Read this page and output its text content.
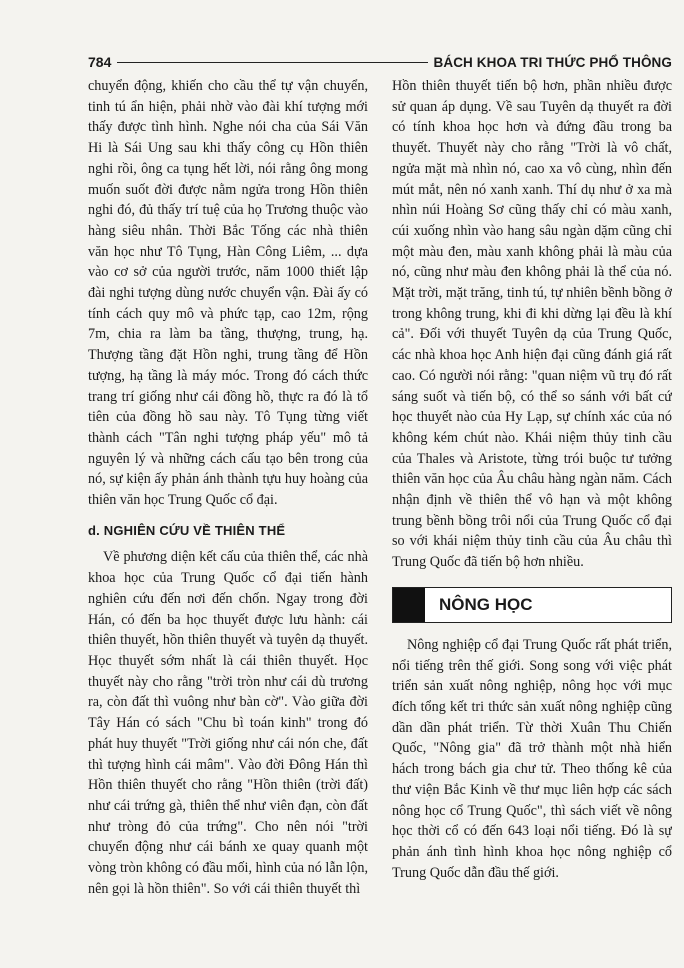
784	BÁCH KHOA TRI THỨC PHỔ THÔNG

chuyển động, khiến cho cầu thể tự vận chuyển, tinh tú ẩn hiện, phải nhờ vào đài khí tượng mới thấy được tình hình. Nghe nói cha của Sái Văn Hi là Sái Ung sau khi thấy công cụ Hồn thiên nghi rồi, ông ca tụng hết lời, nói rằng ông mong muốn suốt đời được nằm ngửa trong Hồn thiên nghi đó, đủ thấy trí tuệ của họ Trương thuộc vào hàng siêu nhân. Thời Bắc Tống các nhà thiên văn học như Tô Tụng, Hàn Công Liêm, ... dựa vào cơ sở của người trước, năm 1000 thiết lập đài nghi tượng dùng nước chuyển vận. Đài ấy có tính cách quy mô và phức tạp, cao 12m, rộng 7m, chia ra làm ba tầng, thượng, trung, hạ. Thượng tầng đặt Hồn nghi, trung tầng để Hồn tượng, hạ tầng là máy móc. Trong đó cách thức trang trí giống như cái đồng hồ, thực ra đó là tổ tiên của đồng hồ sau này. Tô Tụng từng viết thành cách "Tân nghi tượng pháp yếu" mô tả nguyên lý và những cách cấu tạo bên trong của nó, sự kiện ấy phản ánh thành tựu huy hoàng của thiên văn học Trung Quốc cổ đại.

d. NGHIÊN CỨU VỀ THIÊN THỂ

Về phương diện kết cấu của thiên thể, các nhà khoa học của Trung Quốc cổ đại tiến hành nghiên cứu đến nơi đến chốn. Ngay trong đời Hán, có đến ba học thuyết được lưu hành: cái thiên thuyết, hồn thiên thuyết và tuyên dạ thuyết. Học thuyết sớm nhất là cái thiên thuyết. Học thuyết này cho rằng "trời tròn như cái dù trương ra, còn đất thì vuông như bàn cờ". Vào giữa đời Tây Hán có sách "Chu bì toán kinh" trong đó phát huy thuyết "Trời giống như cái nón che, đất thì tượng hình cái mâm". Vào đời Đông Hán thì Hồn thiên thuyết cho rằng "Hồn thiên (trời đất) như cái trứng gà, thiên thể như viên đạn, còn đất như tròng đỏ của trứng". Cho nên nói "trời chuyển động như cái bánh xe quay quanh một vòng tròn không có đầu mối, hình của nó lẫn lộn, nên gọi là hồn thiên". So với cái thiên thuyết thì

Hồn thiên thuyết tiến bộ hơn, phần nhiều được sử quan áp dụng. Về sau Tuyên dạ thuyết ra đời có tính khoa học hơn và đứng đầu trong ba thuyết. Thuyết này cho rằng "Trời là vô chất, ngửa mặt mà nhìn nó, cao xa vô cùng, nhìn đến mút mắt, nên nó xanh xanh. Thí dụ như ở xa mà nhìn núi Hoàng Sơ cũng thấy chỉ có màu xanh, cúi xuống nhìn vào hang sâu ngàn dặm cũng chỉ một màu đen, màu xanh không phải là màu của nó, cũng như màu đen không phải là thể của nó. Mặt trời, mặt trăng, tinh tú, tự nhiên bềnh bồng ở trong không trung, khi đi khi dừng lại đều là khí cả". Đối với thuyết Tuyên dạ của Trung Quốc, các nhà khoa học Anh hiện đại cũng đánh giá rất cao. Có người nói rằng: "quan niệm vũ trụ đó rất sáng suốt và tiến bộ, có thể so sánh với bất cứ học thuyết nào của Hy Lạp, sự chính xác của nó không kém chút nào. Khái niệm thủy tinh cầu của Thales và Aristote, từng trói buộc tư tưởng thiên văn học của Âu châu hàng ngàn năm. Cách nhận định về thiên thể vô hạn và một không trung bềnh bồng trôi nổi của Trung Quốc cổ đại so với khái niệm thủy tinh cầu của Âu châu thì Trung Quốc đã tiến bộ hơn nhiều.

NÔNG HỌC

Nông nghiệp cổ đại Trung Quốc rất phát triển, nổi tiếng trên thế giới. Song song với việc phát triển sản xuất nông nghiệp, nông học với mục đích tổng kết tri thức sản xuất nông nghiệp cũng dần dần phát triển. Từ thời Xuân Thu Chiến Quốc, "Nông gia" đã trở thành một nhà hiển hách trong bách gia chư tử. Theo thống kê của thư viện Bắc Kinh về thư mục liên hợp các sách nông học cổ Trung Quốc", thì sách viết về nông học thời cổ có đến 643 loại nổi tiếng. Đó là sự phản ánh tình hình khoa học nông nghiệp cổ Trung Quốc dẫn đầu thế giới.
